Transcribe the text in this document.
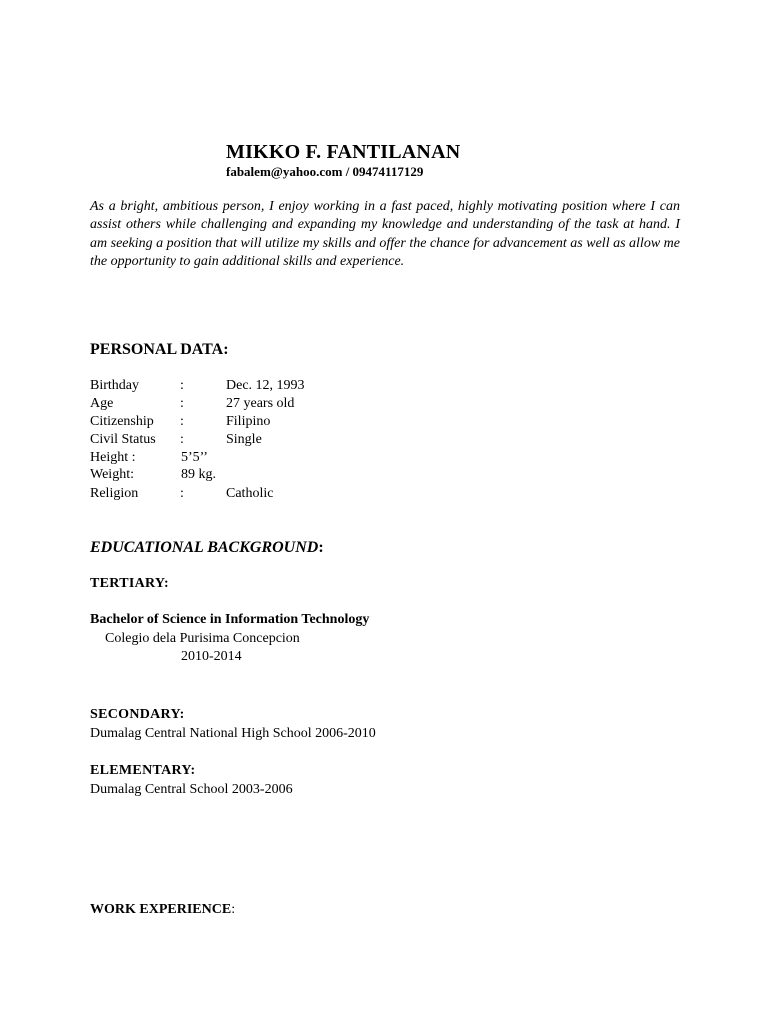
MIKKO F. FANTILANAN
fabalem@yahoo.com / 09474117129
As a bright, ambitious person, I enjoy working in a fast paced, highly motivating position where I can assist others while challenging and expanding my knowledge and understanding of the task at hand. I am seeking a position that will utilize my skills and offer the chance for advancement as well as allow me the opportunity to gain additional skills and experience.
PERSONAL DATA:
Birthday	:	Dec. 12, 1993
Age	:	27 years old
Citizenship :	Filipino
Civil Status :	Single
Height :	5’5’’
Weight:	89 kg.
Religion	:	Catholic
EDUCATIONAL BACKGROUND:
TERTIARY:
Bachelor of Science in Information Technology
Colegio dela Purisima Concepcion
2010-2014
SECONDARY:
Dumalag Central National High School 2006-2010
ELEMENTARY:
Dumalag Central School 2003-2006
WORK EXPERIENCE:
